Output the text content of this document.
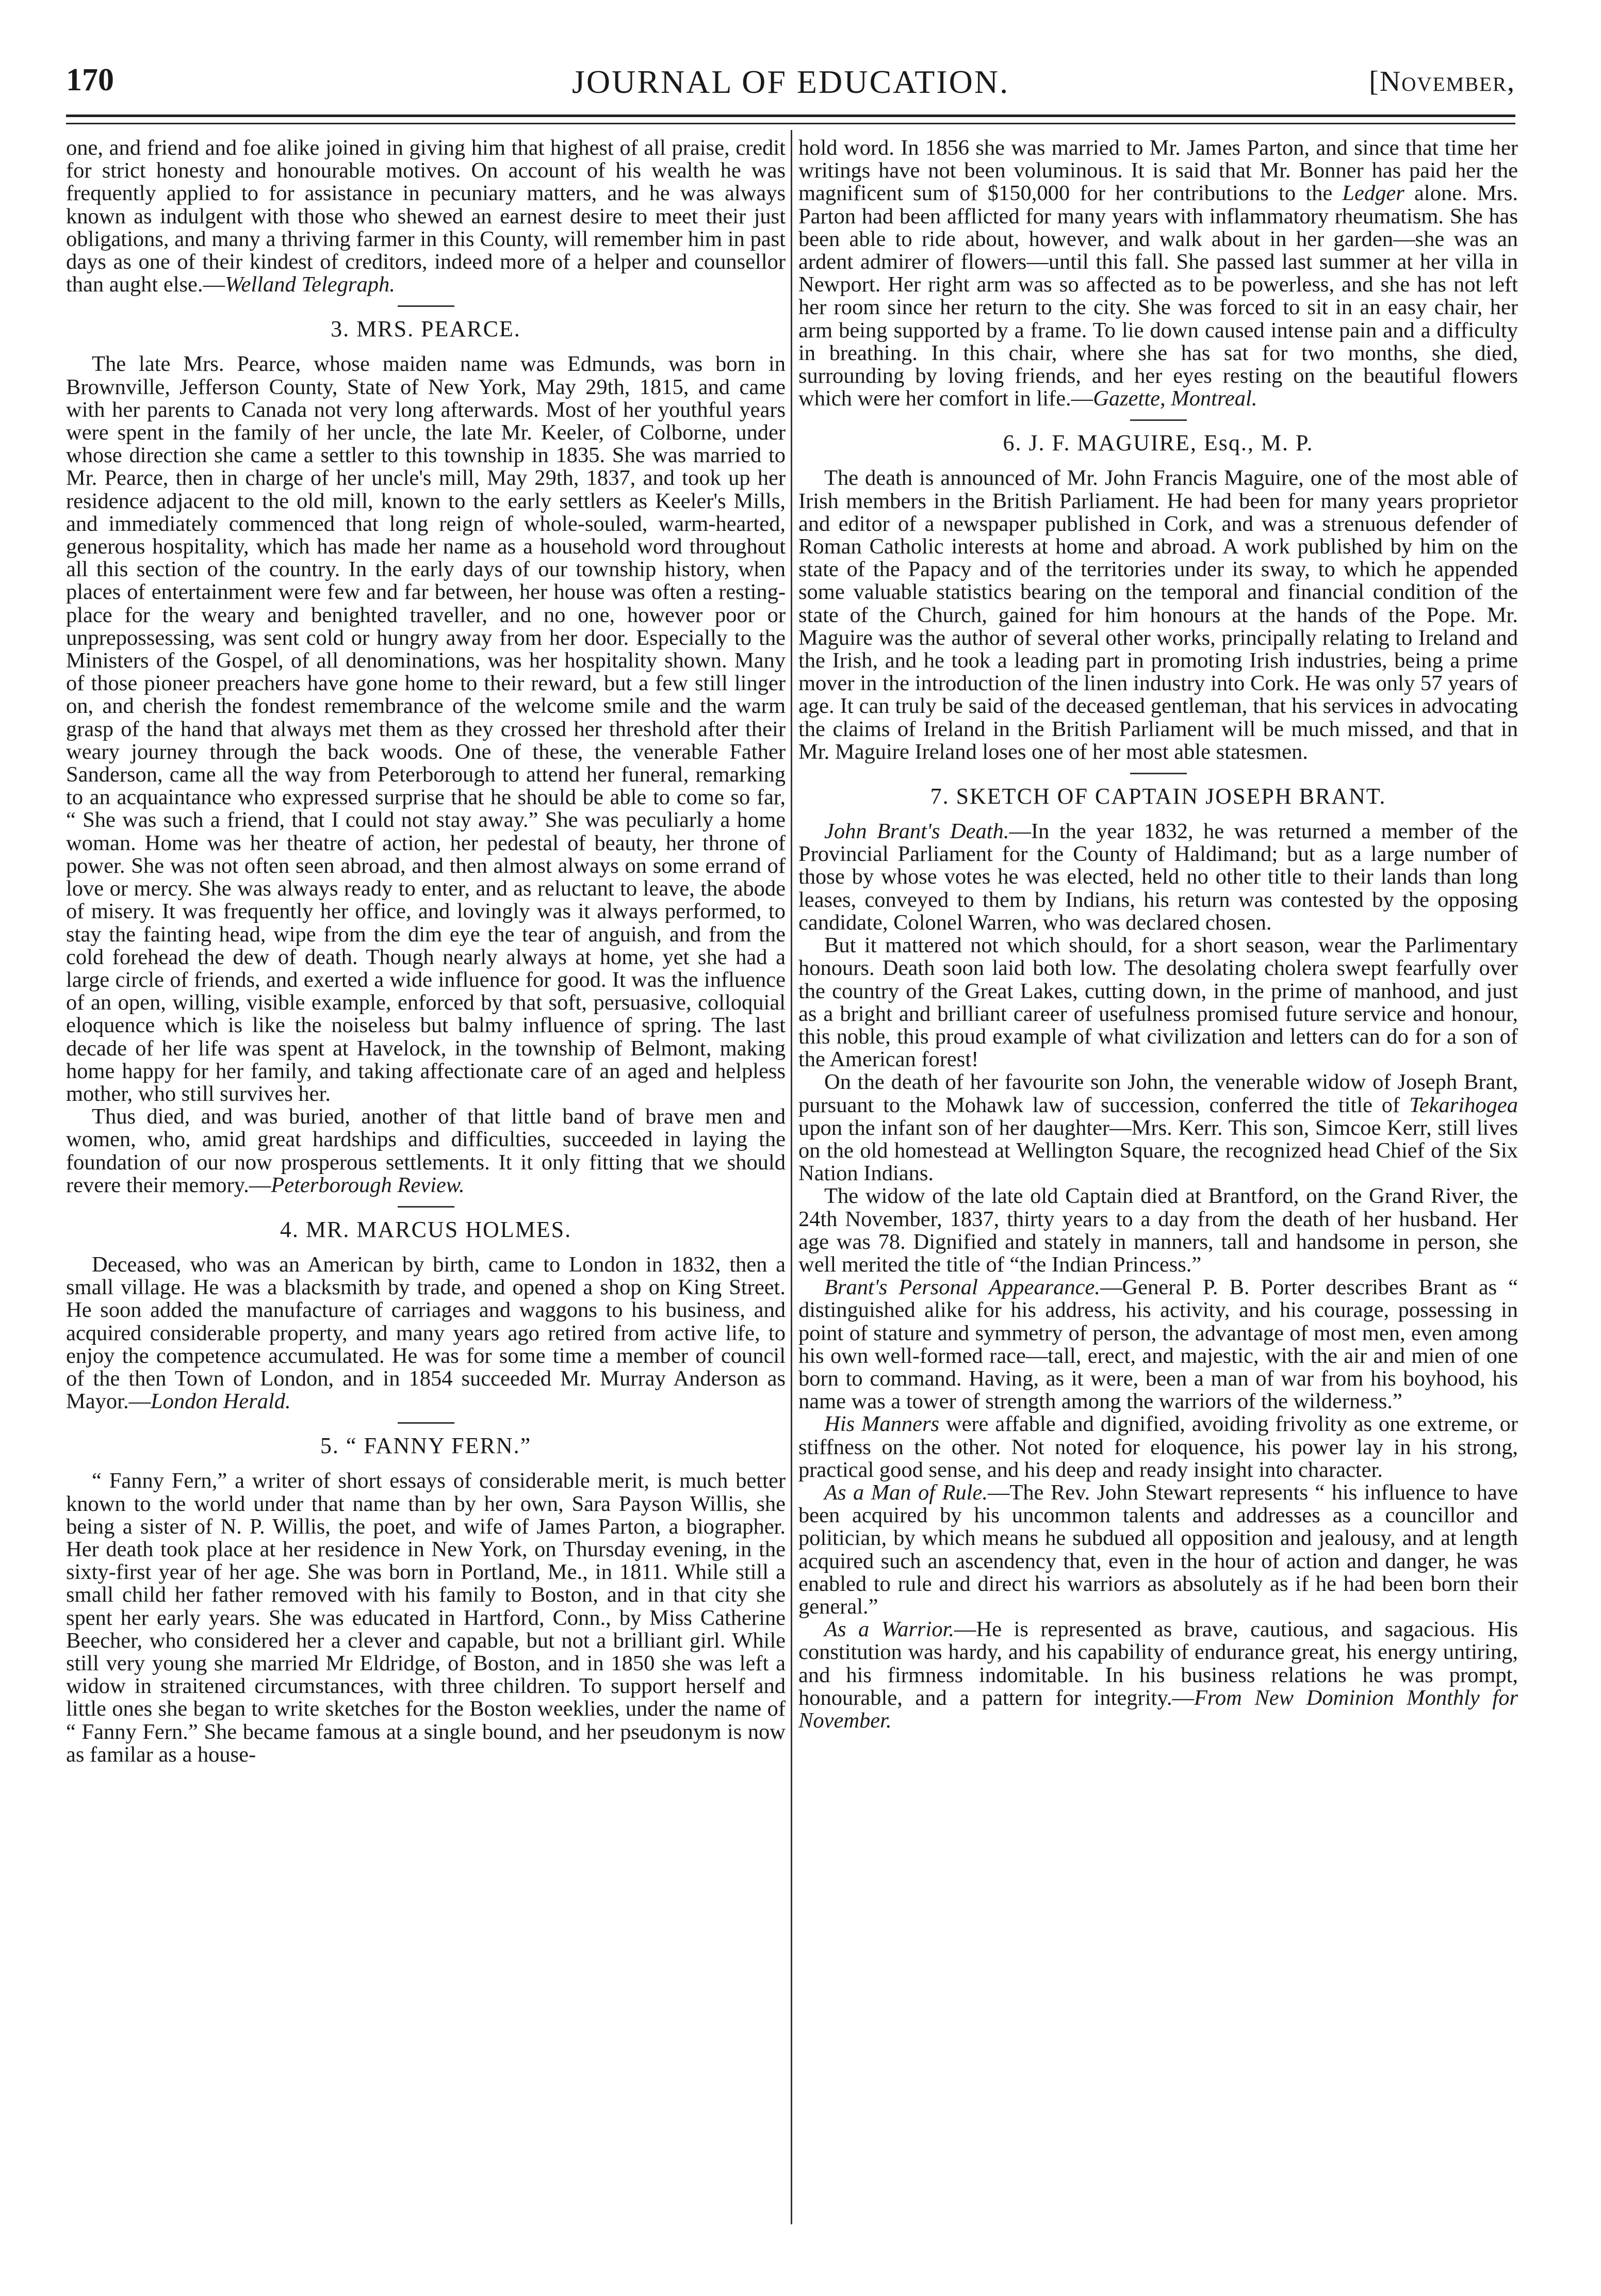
170	JOURNAL OF EDUCATION.	[November,

one, and friend and foe alike joined in giving him that highest of all praise, credit for strict honesty and honourable motives. On account of his wealth he was frequently applied to for assistance in pecuniary matters, and he was always known as indulgent with those who shewed an earnest desire to meet their just obligations, and many a thriving farmer in this County, will remember him in past days as one of their kindest of creditors, indeed more of a helper and counsellor than aught else.—Welland Telegraph.

3. MRS. PEARCE.

The late Mrs. Pearce, whose maiden name was Edmunds, was born in Brownville, Jefferson County, State of New York, May 29th, 1815, and came with her parents to Canada not very long afterwards. Most of her youthful years were spent in the family of her uncle, the late Mr. Keeler, of Colborne, under whose direction she came a settler to this township in 1835. She was married to Mr. Pearce, then in charge of her uncle's mill, May 29th, 1837, and took up her residence adjacent to the old mill, known to the early settlers as Keeler's Mills, and immediately commenced that long reign of whole-souled, warm-hearted, generous hospitality, which has made her name as a household word throughout all this section of the country. In the early days of our township history, when places of entertainment were few and far between, her house was often a resting-place for the weary and benighted traveller, and no one, however poor or unprepossessing, was sent cold or hungry away from her door. Especially to the Ministers of the Gospel, of all denominations, was her hospitality shown. Many of those pioneer preachers have gone home to their reward, but a few still linger on, and cherish the fondest remembrance of the welcome smile and the warm grasp of the hand that always met them as they crossed her threshold after their weary journey through the back woods. One of these, the venerable Father Sanderson, came all the way from Peterborough to attend her funeral, remarking to an acquaintance who expressed surprise that he should be able to come so far, “ She was such a friend, that I could not stay away.” She was peculiarly a home woman. Home was her theatre of action, her pedestal of beauty, her throne of power. She was not often seen abroad, and then almost always on some errand of love or mercy. She was always ready to enter, and as reluctant to leave, the abode of misery. It was frequently her office, and lovingly was it always performed, to stay the fainting head, wipe from the dim eye the tear of anguish, and from the cold forehead the dew of death. Though nearly always at home, yet she had a large circle of friends, and exerted a wide influence for good. It was the influence of an open, willing, visible example, enforced by that soft, persuasive, colloquial eloquence which is like the noiseless but balmy influence of spring. The last decade of her life was spent at Havelock, in the township of Belmont, making home happy for her family, and taking affectionate care of an aged and helpless mother, who still survives her.

Thus died, and was buried, another of that little band of brave men and women, who, amid great hardships and difficulties, succeeded in laying the foundation of our now prosperous settlements. It it only fitting that we should revere their memory.—Peterborough Review.

4. MR. MARCUS HOLMES.

Deceased, who was an American by birth, came to London in 1832, then a small village. He was a blacksmith by trade, and opened a shop on King Street. He soon added the manufacture of carriages and waggons to his business, and acquired considerable property, and many years ago retired from active life, to enjoy the competence accumulated. He was for some time a member of council of the then Town of London, and in 1854 succeeded Mr. Murray Anderson as Mayor.—London Herald.

5. “ FANNY FERN.”

“ Fanny Fern,” a writer of short essays of considerable merit, is much better known to the world under that name than by her own, Sara Payson Willis, she being a sister of N. P. Willis, the poet, and wife of James Parton, a biographer. Her death took place at her residence in New York, on Thursday evening, in the sixty-first year of her age. She was born in Portland, Me., in 1811. While still a small child her father removed with his family to Boston, and in that city she spent her early years. She was educated in Hartford, Conn., by Miss Catherine Beecher, who considered her a clever and capable, but not a brilliant girl. While still very young she married Mr Eldridge, of Boston, and in 1850 she was left a widow in straitened circumstances, with three children. To support herself and little ones she began to write sketches for the Boston weeklies, under the name of “ Fanny Fern.” She became famous at a single bound, and her pseudonym is now as familar as a house-

hold word. In 1856 she was married to Mr. James Parton, and since that time her writings have not been voluminous. It is said that Mr. Bonner has paid her the magnificent sum of $150,000 for her contributions to the Ledger alone. Mrs. Parton had been afflicted for many years with inflammatory rheumatism. She has been able to ride about, however, and walk about in her garden—she was an ardent admirer of flowers—until this fall. She passed last summer at her villa in Newport. Her right arm was so affected as to be powerless, and she has not left her room since her return to the city. She was forced to sit in an easy chair, her arm being supported by a frame. To lie down caused intense pain and a difficulty in breathing. In this chair, where she has sat for two months, she died, surrounding by loving friends, and her eyes resting on the beautiful flowers which were her comfort in life.—Gazette, Montreal.

6. J. F. MAGUIRE, Esq., M. P.

The death is announced of Mr. John Francis Maguire, one of the most able of Irish members in the British Parliament. He had been for many years proprietor and editor of a newspaper published in Cork, and was a strenuous defender of Roman Catholic interests at home and abroad. A work published by him on the state of the Papacy and of the territories under its sway, to which he appended some valuable statistics bearing on the temporal and financial condition of the state of the Church, gained for him honours at the hands of the Pope. Mr. Maguire was the author of several other works, principally relating to Ireland and the Irish, and he took a leading part in promoting Irish industries, being a prime mover in the introduction of the linen industry into Cork. He was only 57 years of age. It can truly be said of the deceased gentleman, that his services in advocating the claims of Ireland in the British Parliament will be much missed, and that in Mr. Maguire Ireland loses one of her most able statesmen.

7. SKETCH OF CAPTAIN JOSEPH BRANT.

John Brant's Death.—In the year 1832, he was returned a member of the Provincial Parliament for the County of Haldimand; but as a large number of those by whose votes he was elected, held no other title to their lands than long leases, conveyed to them by Indians, his return was contested by the opposing candidate, Colonel Warren, who was declared chosen.

But it mattered not which should, for a short season, wear the Parlimentary honours. Death soon laid both low. The desolating cholera swept fearfully over the country of the Great Lakes, cutting down, in the prime of manhood, and just as a bright and brilliant career of usefulness promised future service and honour, this noble, this proud example of what civilization and letters can do for a son of the American forest!

On the death of her favourite son John, the venerable widow of Joseph Brant, pursuant to the Mohawk law of succession, conferred the title of Tekarihogea upon the infant son of her daughter—Mrs. Kerr. This son, Simcoe Kerr, still lives on the old homestead at Wellington Square, the recognized head Chief of the Six Nation Indians.

The widow of the late old Captain died at Brantford, on the Grand River, the 24th November, 1837, thirty years to a day from the death of her husband. Her age was 78. Dignified and stately in manners, tall and handsome in person, she well merited the title of “the Indian Princess.”

Brant's Personal Appearance.—General P. B. Porter describes Brant as “ distinguished alike for his address, his activity, and his courage, possessing in point of stature and symmetry of person, the advantage of most men, even among his own well-formed race—tall, erect, and majestic, with the air and mien of one born to command. Having, as it were, been a man of war from his boyhood, his name was a tower of strength among the warriors of the wilderness.”

His Manners were affable and dignified, avoiding frivolity as one extreme, or stiffness on the other. Not noted for eloquence, his power lay in his strong, practical good sense, and his deep and ready insight into character.

As a Man of Rule.—The Rev. John Stewart represents “ his influence to have been acquired by his uncommon talents and addresses as a councillor and politician, by which means he subdued all opposition and jealousy, and at length acquired such an ascendency that, even in the hour of action and danger, he was enabled to rule and direct his warriors as absolutely as if he had been born their general.”

As a Warrior.—He is represented as brave, cautious, and sagacious. His constitution was hardy, and his capability of endurance great, his energy untiring, and his firmness indomitable. In his business relations he was prompt, honourable, and a pattern for integrity.—From New Dominion Monthly for November.
